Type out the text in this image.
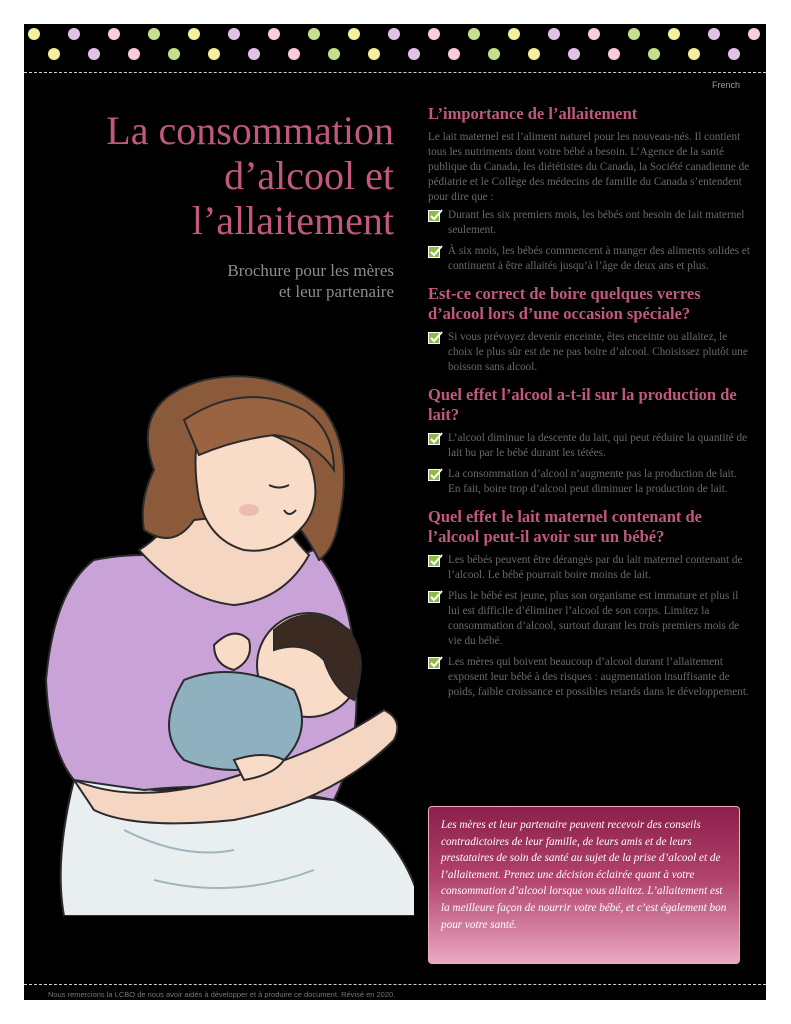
French
La consommation
d’alcool et
l’allaitement

Brochure pour les mères
et leur partenaire

L’importance de l’allaitement

Le lait maternel est l’aliment naturel pour les nouveau-nés. Il contient tous les nutriments dont votre bébé a besoin. L’Agence de la santé publique du Canada, les diététistes du Canada, la Société canadienne de pédiatrie et le Collège des médecins de famille du Canada s’entendent pour dire que :

Durant les six premiers mois, les bébés ont besoin de lait maternel seulement.
À six mois, les bébés commencent à manger des aliments solides et continuent à être allaités jusqu’à l’âge de deux ans et plus.
Est-ce correct de boire quelques verres d’alcool lors d’une occasion spéciale?
Si vous prévoyez devenir enceinte, êtes enceinte ou allaitez, le choix le plus sûr est de ne pas boire d’alcool. Choisissez plutôt une boisson sans alcool.
Quel effet l’alcool a-t-il sur la production de lait?
L’alcool diminue la descente du lait, qui peut réduire la quantité de lait bu par le bébé durant les tétées.
La consommation d’alcool n’augmente pas la production de lait. En fait, boire trop d’alcool peut diminuer la production de lait.
Quel effet le lait maternel contenant de l’alcool peut-il avoir sur un bébé?
Les bébés peuvent être dérangés par du lait maternel contenant de l’alcool. Le bébé pourrait boire moins de lait.
Plus le bébé est jeune, plus son organisme est immature et plus il lui est difficile d’éliminer l’alcool de son corps. Limitez la consommation d’alcool, surtout durant les trois premiers mois de vie du bébé.
Les mères qui boivent beaucoup d’alcool durant l’allaitement exposent leur bébé à des risques : augmentation insuffisante de poids, faible croissance et possibles retards dans le développement.

Les mères et leur partenaire peuvent recevoir des conseils contradictoires de leur famille, de leurs amis et de leurs prestataires de soin de santé au sujet de la prise d’alcool et de l’allaitement. Prenez une décision éclairée quant à votre consommation d’alcool lorsque vous allaitez. L’allaitement est la meilleure façon de nourrir votre bébé, et c’est également bon pour votre santé.

Nous remercions la LCBO de nous avoir aidés à développer et à produire ce document. Révisé en 2020.
